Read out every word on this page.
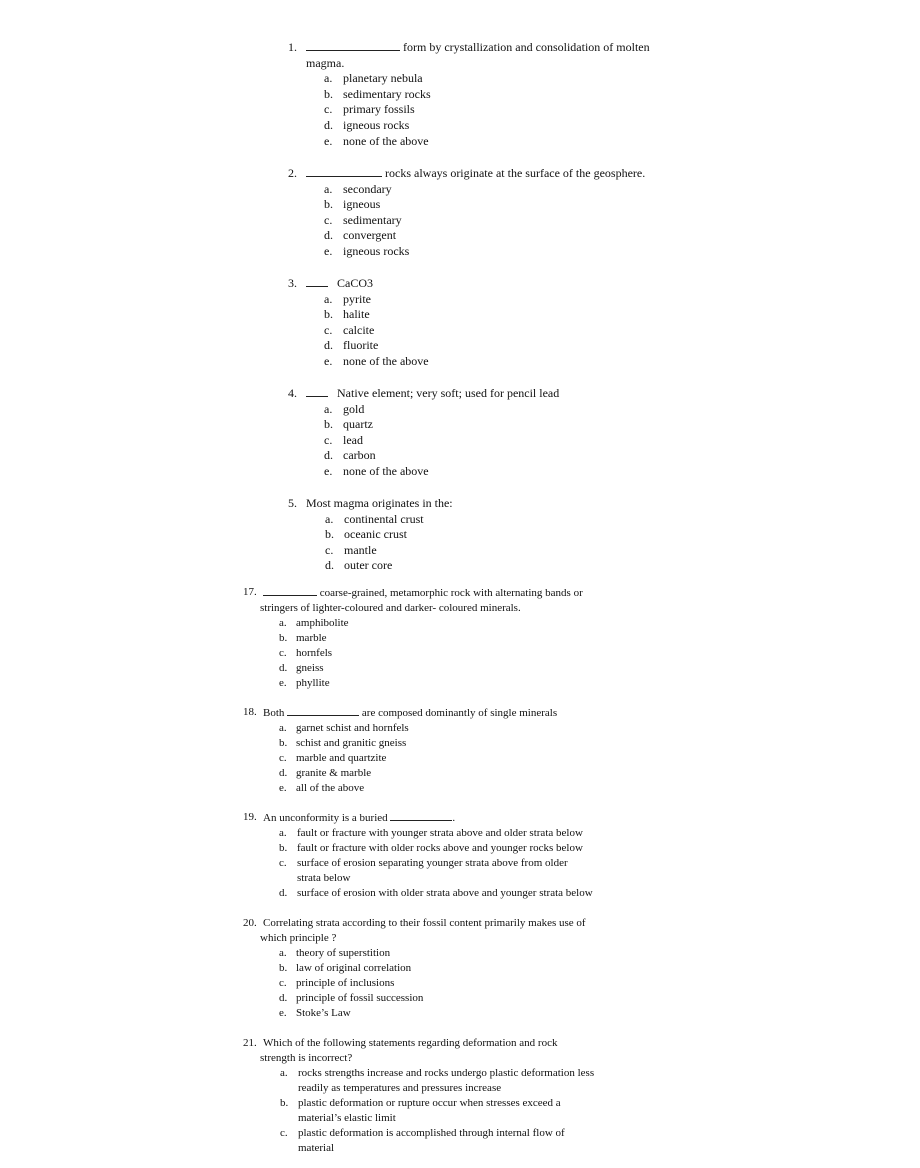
1.	form by crystallization and consolidation of molten
magma.
a. planetary nebula
b. sedimentary rocks
c. primary fossils
d. igneous rocks
e. none of the above
2.	rocks always originate at the surface of the geosphere.
a. secondary
b. igneous
c. sedimentary
d. convergent
e. igneous rocks
3.	CaCO3
a. pyrite
b. halite
c. calcite
d. fluorite
e. none of the above
4.	Native element; very soft; used for pencil lead
a. gold
b. quartz
c. lead
d. carbon
e. none of the above
5. Most magma originates in the:
a. continental crust
b. oceanic crust
c. mantle
d. outer core
17.	coarse-grained, metamorphic rock with alternating bands or
stringers of lighter-coloured and darker- coloured minerals.
a. amphibolite
b. marble
c. hornfels
d. gneiss
e. phyllite
18. Both	are composed dominantly of single minerals
a. garnet schist and hornfels
b. schist and granitic gneiss
c. marble and quartzite
d. granite & marble
e. all of the above
19. An unconformity is a buried	.
a. fault or fracture with younger strata above and older strata below
b. fault or fracture with older rocks above and younger rocks below
c. surface of erosion separating younger strata above from older strata below
d. surface of erosion with older strata above and younger strata below
20. Correlating strata according to their fossil content primarily makes use of which principle ?
a. theory of superstition
b. law of original correlation
c. principle of inclusions
d. principle of fossil succession
e. Stoke’s Law
21. Which of the following statements regarding deformation and rock strength is incorrect?
a. rocks strengths increase and rocks undergo plastic deformation less readily as temperatures and pressures increase
b. plastic deformation or rupture occur when stresses exceed a material’s elastic limit
c. plastic deformation is accomplished through internal flow of material
